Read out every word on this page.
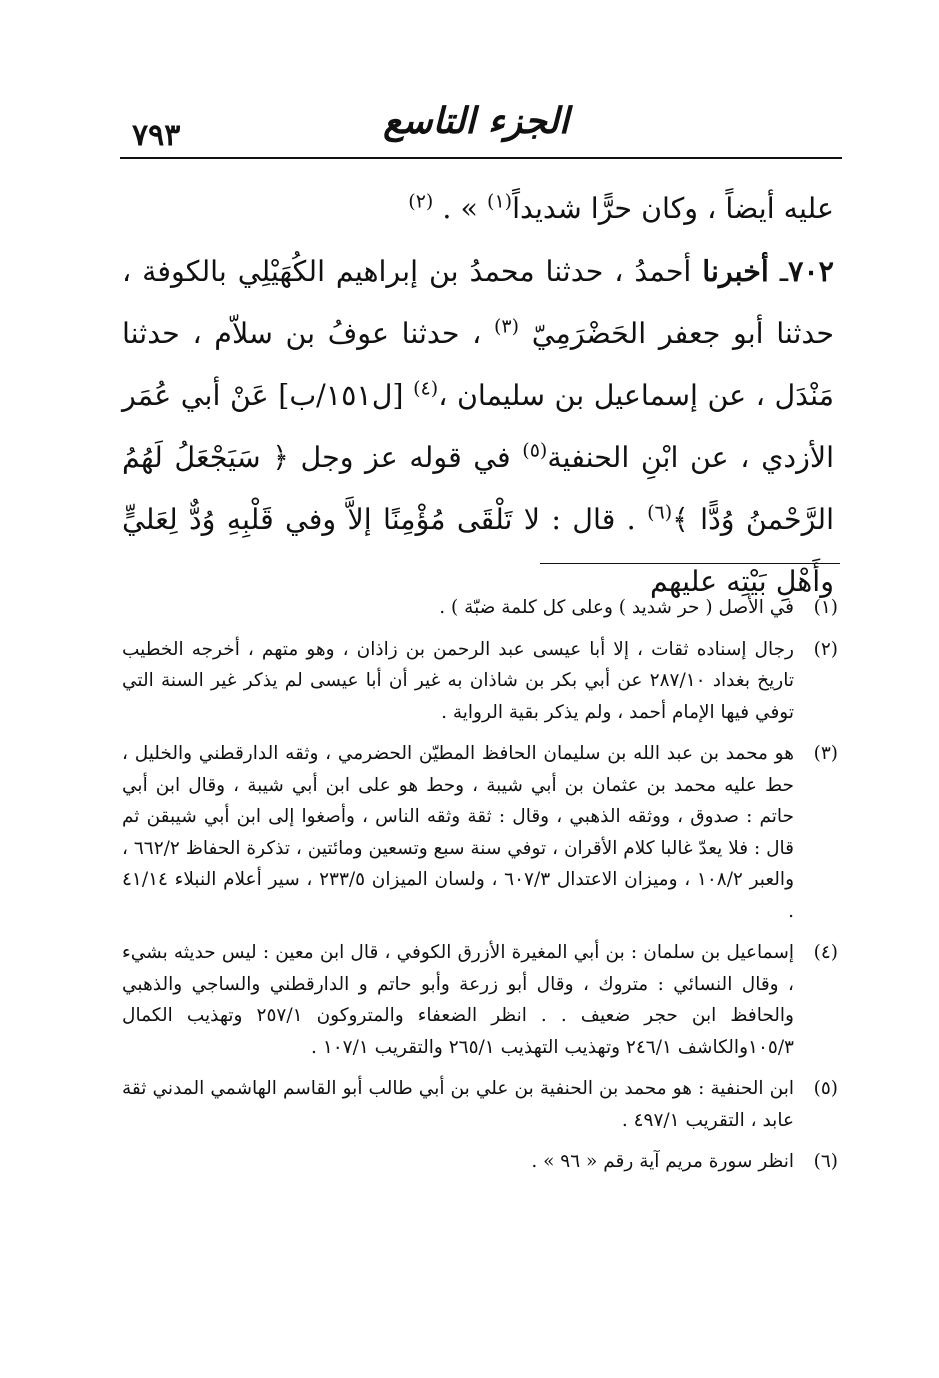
الجزء التاسع
٧٩٣

عليه أيضاً ، وكان حرًّا شديداً$^{(١)}$ » . $^{(٢)}$

٧٠٢ـ أخبرنا أحمدُ ، حدثنا محمدُ بن إبراهيم الكُهَيْلِي بالكوفة ، حدثنا أبو جعفر الحَضْرَمِيّ $^{(٣)}$ ، حدثنا عوفُ بن سلاّم ، حدثنا مَنْدَل ، عن إسماعيل بن سليمان ،$^{(٤)}$ [ل١٥١/ب] عَنْ أبي عُمَر الأزدي ، عن ابْنِ الحنفية$^{(٥)}$ في قوله عز وجل ﴿ سَيَجْعَلُ لَهُمُ الرَّحْمنُ وُدًّا ﴾$^{(٦)}$ . قال : لا تَلْقَى مُؤْمِنًا إلاَّ وفي قَلْبِهِ وُدٌّ لِعَليٍّ وأَهْلِ بَيْتِه عليهم

(١)
في الأصل ( حر شديد ) وعلى كل كلمة ضبّة ) .
(٢)
رجال إسناده ثقات ، إلا أبا عيسى عبد الرحمن بن زاذان ، وهو متهم ، أخرجه الخطيب تاريخ بغداد ٢٨٧/١٠ عن أبي بكر بن شاذان به غير أن أبا عيسى لم يذكر غير السنة التي توفي فيها الإمام أحمد ، ولم يذكر بقية الرواية .
(٣)
هو محمد بن عبد الله بن سليمان الحافظ المطيّن الحضرمي ، وثقه الدارقطني والخليل ، حط عليه محمد بن عثمان بن أبي شيبة ، وحط هو على ابن أبي شيبة ، وقال ابن أبي حاتم : صدوق ، ووثقه الذهبي ، وقال : ثقة وثقه الناس ، وأصغوا إلى ابن أبي شيبقن ثم قال : فلا يعدّ غالبا كلام الأقران ، توفي سنة سبع وتسعين ومائتين ، تذكرة الحفاظ ٦٦٢/٢ ، والعبر ١٠٨/٢ ، وميزان الاعتدال ٦٠٧/٣ ، ولسان الميزان ٢٣٣/٥ ، سير أعلام النبلاء ٤١/١٤ .
(٤)
إسماعيل بن سلمان : بن أبي المغيرة الأزرق الكوفي ، قال ابن معين : ليس حديثه بشيء ، وقال النسائي : متروك ، وقال أبو زرعة وأبو حاتم و الدارقطني والساجي والذهبي والحافظ ابن حجر ضعيف . . انظر الضعفاء والمتروكون ٢٥٧/١ وتهذيب الكمال ١٠٥/٣والكاشف ٢٤٦/١ وتهذيب التهذيب ٢٦٥/١ والتقريب ١٠٧/١ .
(٥)
ابن الحنفية : هو محمد بن الحنفية بن علي بن أبي طالب أبو القاسم الهاشمي المدني ثقة عابد ، التقريب ٤٩٧/١ .
(٦)
انظر سورة مريم آية رقم « ٩٦ » .
